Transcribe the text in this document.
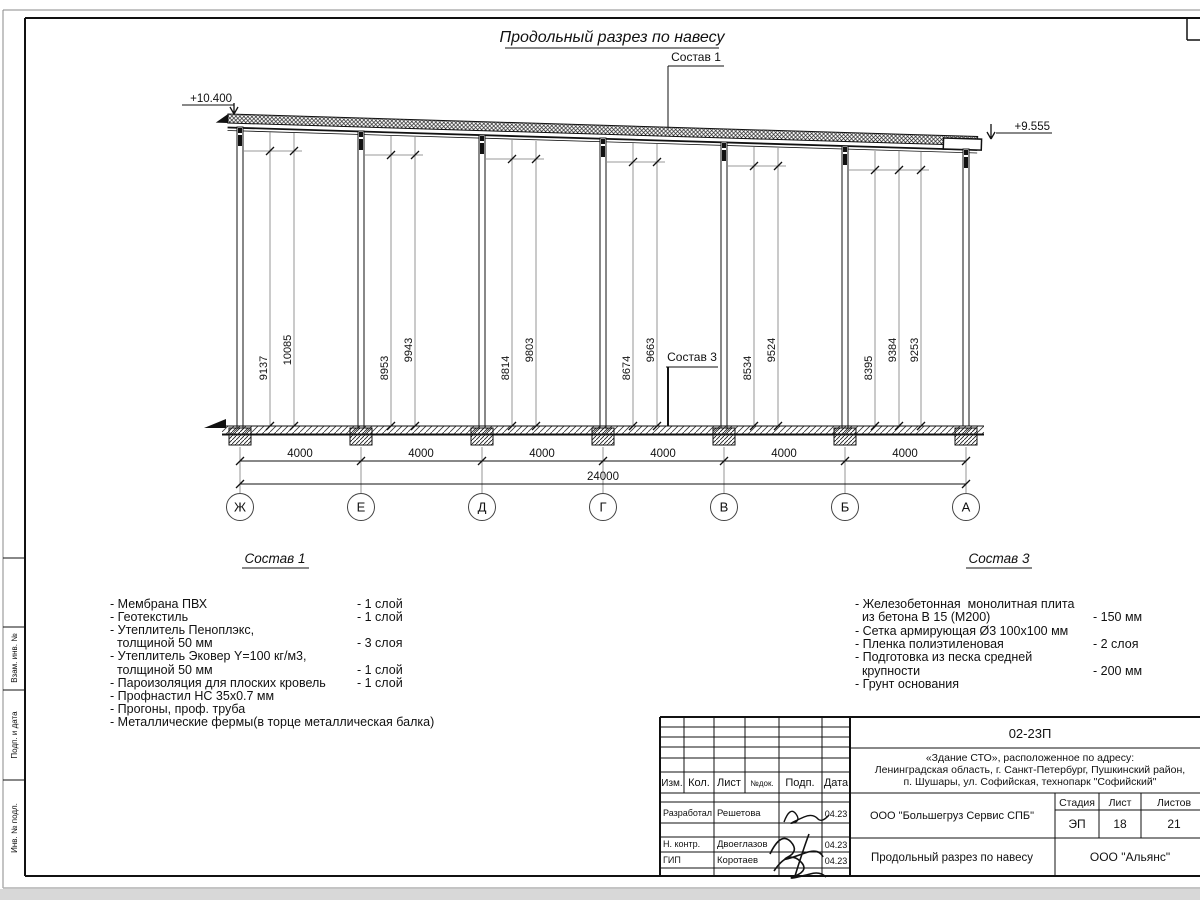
Взам. инв. №
Подп. и дата
Инв. № подл.
Продольный разрез по навесу
Состав 1
Состав 3
9137
10085
8953
9943
8814
9803
8674
9663
8534
9524
8395
9384 9253
+10.400
+9.555
4000	4000	4000	4000	4000	4000
24000
Ж	Е	Д	Г	В	Б	А
Состав 1
- Мембрана ПВХ	- 1 слой
- Геотекстиль	- 1 слой
- Утеплитель Пеноплэкс,
толщиной 50 мм	- 3 слоя
- Утеплитель Эковер Y=100 кг/м3,
толщиной 50 мм	- 1 слой
- Пароизоляция для плоских кровель - 1 слой
- Профнастил НС 35х0.7 мм
- Прогоны, проф. труба
- Металлические фермы(в торце металлическая балка)
Состав 3
- Железобетонная  монолитная плита
из бетона В 15 (М200)	- 150 мм
- Сетка армирующая Ø3 100х100 мм
- Пленка полиэтиленовая	- 2 слоя
- Подготовка из песка средней
крупности	- 200 мм
- Грунт основания
Изм. Кол. Лист №док. Подп. Дата
Разработал Решетова	04.23
Н. контр. Двоеглазов	04.23
ГИП	Коротаев	04.23
02-23П
«Здание СТО», расположенное по адресу:
Ленинградская область, г. Санкт-Петербург, Пушкинский район,
п. Шушары, ул. Софийская, технопарк "Софийский"
ООО "Большегруз Сервис СПБ"
Стадия Лист Листов
ЭП 18	21
Продольный разрез по навесу	ООО "Альянс"
